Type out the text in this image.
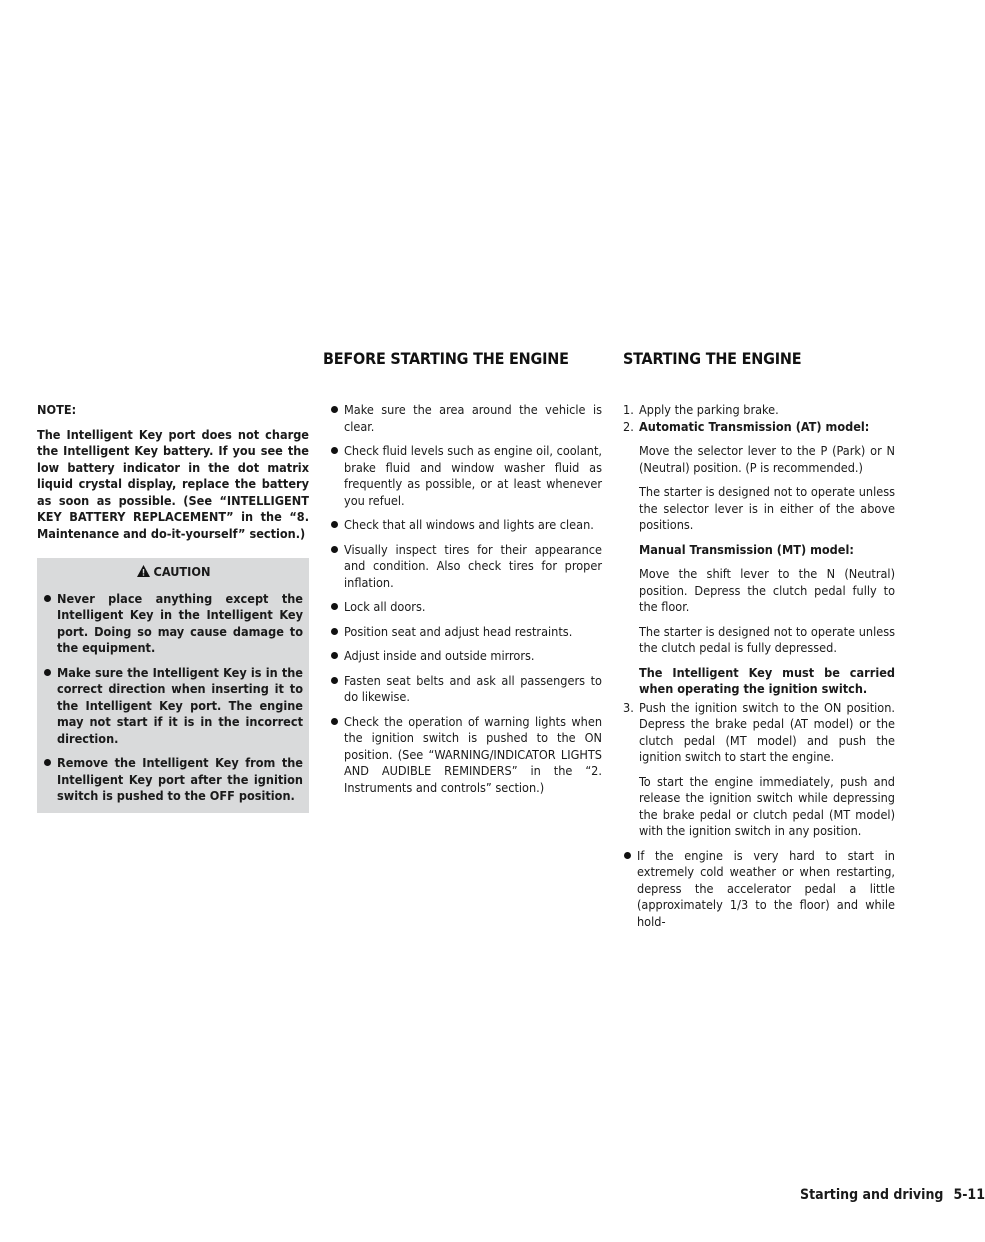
BEFORE STARTING THE ENGINE	STARTING THE ENGINE

NOTE:

The Intelligent Key port does not charge the Intelligent Key battery. If you see the low battery indicator in the dot matrix liquid crystal display, replace the battery as soon as possible. (See “INTELLIGENT KEY BATTERY REPLACEMENT” in the “8. Maintenance and do-it-yourself” section.)

CAUTION
Never place anything except the Intelligent Key in the Intelligent Key port. Doing so may cause damage to the equipment.
Make sure the Intelligent Key is in the correct direction when inserting it to the Intelligent Key port. The engine may not start if it is in the incorrect direction.
Remove the Intelligent Key from the Intelligent Key port after the ignition switch is pushed to the OFF position.
Make sure the area around the vehicle is clear.
Check fluid levels such as engine oil, coolant, brake fluid and window washer fluid as frequently as possible, or at least whenever you refuel.
Check that all windows and lights are clean.
Visually inspect tires for their appearance and condition. Also check tires for proper inflation.
Lock all doors.
Position seat and adjust head restraints.
Adjust inside and outside mirrors.
Fasten seat belts and ask all passengers to do likewise.
Check the operation of warning lights when the ignition switch is pushed to the ON position. (See “WARNING/INDICATOR LIGHTS AND AUDIBLE REMINDERS” in the “2. Instruments and controls” section.)
1. Apply the parking brake.
2. Automatic Transmission (AT) model:

Move the selector lever to the P (Park) or N (Neutral) position. (P is recommended.)

The starter is designed not to operate unless the selector lever is in either of the above positions.

Manual Transmission (MT) model:

Move the shift lever to the N (Neutral) position. Depress the clutch pedal fully to the floor.

The starter is designed not to operate unless the clutch pedal is fully depressed.

The Intelligent Key must be carried when operating the ignition switch.

3. Push the ignition switch to the ON position. Depress the brake pedal (AT model) or the clutch pedal (MT model) and push the ignition switch to start the engine.

To start the engine immediately, push and release the ignition switch while depressing the brake pedal or clutch pedal (MT model) with the ignition switch in any position.

If the engine is very hard to start in extremely cold weather or when restarting, depress the accelerator pedal a little (approximately 1/3 to the floor) and while hold-
Starting and driving 5-11
